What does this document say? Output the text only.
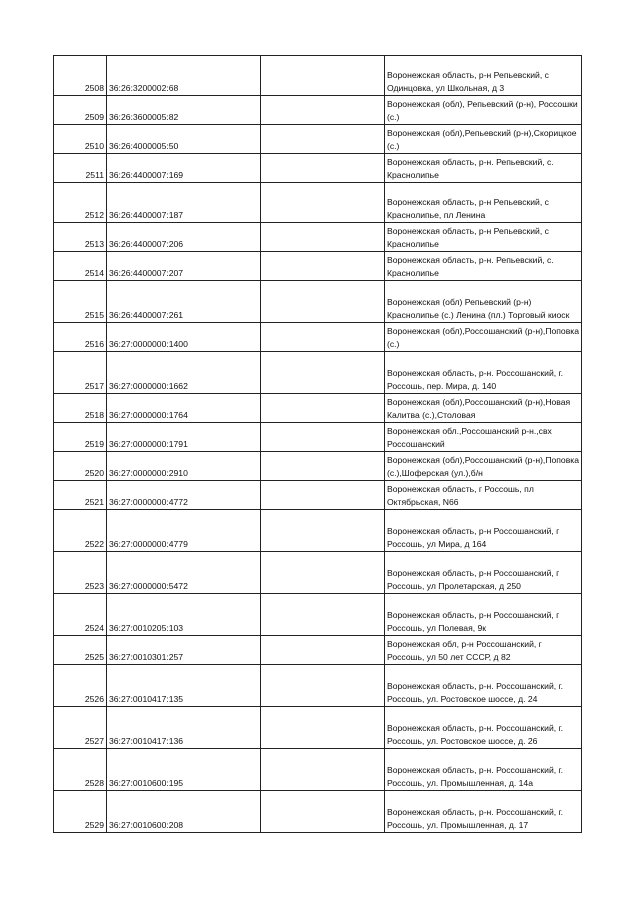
2508	36:26:3200002:68		Воронежская область, р-н Репьевский, с Одинцовка, ул Школьная, д 3
2509	36:26:3600005:82		Воронежская (обл), Репьевский (р-н), Россошки (с.)
2510	36:26:4000005:50		Воронежская (обл),Репьевский (р-н),Скорицкое (с.)
2511	36:26:4400007:169		Воронежская область, р-н. Репьевский, с. Краснолипье
2512	36:26:4400007:187		Воронежская область, р-н Репьевский, с Краснолипье, пл Ленина
2513	36:26:4400007:206		Воронежская область, р-н Репьевский, с Краснолипье
2514	36:26:4400007:207		Воронежская область, р-н. Репьевский, с. Краснолипье
2515	36:26:4400007:261		Воронежская (обл) Репьевский (р-н) Краснолипье (с.) Ленина (пл.) Торговый киоск
2516	36:27:0000000:1400		Воронежская (обл),Россошанский (р-н),Поповка (с.)
2517	36:27:0000000:1662		Воронежская область, р-н. Россошанский, г. Россошь, пер. Мира, д. 140
2518	36:27:0000000:1764		Воронежская (обл),Россошанский (р-н),Новая Калитва (с.),Столовая
2519	36:27:0000000:1791		Воронежская обл.,Россошанский р-н.,свх Россошанский
2520	36:27:0000000:2910		Воронежская (обл),Россошанский (р-н),Поповка (с.),Шоферская (ул.),б/н
2521	36:27:0000000:4772		Воронежская область, г Россошь, пл Октябрьская, N66
2522	36:27:0000000:4779		Воронежская область, р-н Россошанский, г Россошь, ул Мира, д 164
2523	36:27:0000000:5472		Воронежская область, р-н Россошанский, г Россошь, ул Пролетарская, д 250
2524	36:27:0010205:103		Воронежская область, р-н Россошанский, г Россошь, ул Полевая, 9к
2525	36:27:0010301:257		Воронежская обл, р-н Россошанский, г Россошь, ул 50 лет СССР, д 82
2526	36:27:0010417:135		Воронежская область, р-н. Россошанский, г. Россошь, ул. Ростовское шоссе, д. 24
2527	36:27:0010417:136		Воронежская область, р-н. Россошанский, г. Россошь, ул. Ростовское шоссе, д. 26
2528	36:27:0010600:195		Воронежская область, р-н. Россошанский, г. Россошь, ул. Промышленная, д. 14а
2529	36:27:0010600:208		Воронежская область, р-н. Россошанский, г. Россошь, ул. Промышленная, д. 17
